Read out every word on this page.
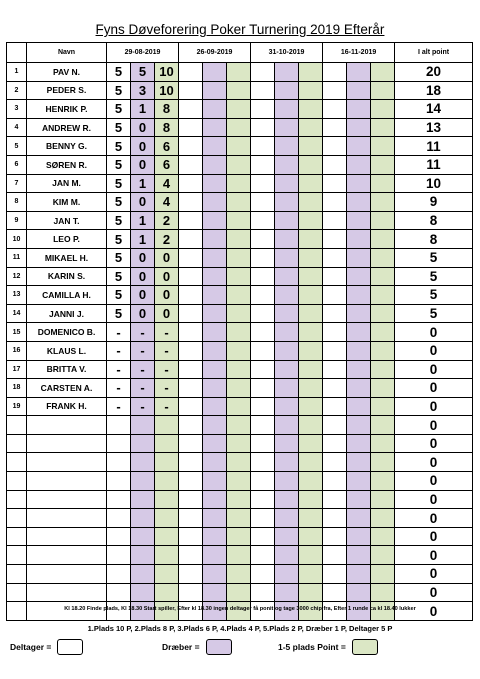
Fyns Døveforering Poker Turnering 2019 Efterår
	Navn	29-08-2019			26-09-2019			31-10-2019			16-11-2019			I alt point
1	PAV N.	5	5	10										20
2	PEDER S.	5	3	10										18
3	HENRIK P.	5	1	8										14
4	ANDREW R.	5	0	8										13
5	BENNY G.	5	0	6										11
6	SØREN R.	5	0	6										11
7	JAN M.	5	1	4										10
8	KIM M.	5	0	4										9
9	JAN T.	5	1	2										8
10	LEO P.	5	1	2										8
11	MIKAEL H.	5	0	0										5
12	KARIN S.	5	0	0										5
13	CAMILLA H.	5	0	0										5
14	JANNI J.	5	0	0										5
15	DOMENICO B.	-	-	-										0
16	KLAUS L.	-	-	-										0
17	BRITTA V.	-	-	-										0
18	CARSTEN A.	-	-	-										0
19	FRANK H.	-	-	-										0
														0
														0
														0
														0
														0
														0
														0
														0
														0
														0
														0
Kl 18.20 Finde plads, Kl 18.30 Start spiller, Efter kl 18.30 ingen deltager få ponit og tage 3000 chip fra, Efter 1 runde ca kl 18.40 lukker
1.Plads 10 P, 2.Plads 8 P, 3.Plads 6 P, 4.Plads 4 P, 5.Plads 2 P, Dræber 1 P, Deltager 5 P
Deltager =	Dræber =	1-5 plads Point =
